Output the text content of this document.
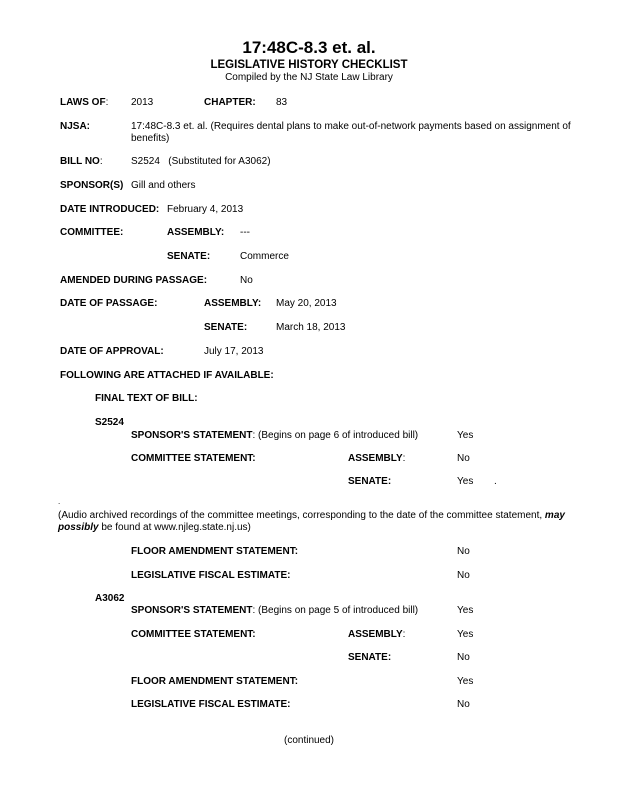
17:48C-8.3 et. al.
LEGISLATIVE HISTORY CHECKLIST
Compiled by the NJ State Law Library
LAWS OF: 2013	CHAPTER: 83
NJSA:	17:48C-8.3 et. al. (Requires dental plans to make out-of-network payments based on assignment of benefits)
BILL NO:	S2524   (Substituted for A3062)
SPONSOR(S) Gill and others
DATE INTRODUCED: February 4, 2013
COMMITTEE:	ASSEMBLY: ---
SENATE:	Commerce
AMENDED DURING PASSAGE:	No
DATE OF PASSAGE:	ASSEMBLY: May 20, 2013
SENATE:	March 18, 2013
DATE OF APPROVAL:	July 17, 2013
FOLLOWING ARE ATTACHED IF AVAILABLE:
FINAL TEXT OF BILL:
S2524
SPONSOR'S STATEMENT: (Begins on page 6 of introduced bill)	Yes
COMMITTEE STATEMENT:	ASSEMBLY:	No
SENATE:	Yes .
.
(Audio archived recordings of the committee meetings, corresponding to the date of the committee statement, may possibly be found at www.njleg.state.nj.us)
FLOOR AMENDMENT STATEMENT:	No
LEGISLATIVE FISCAL ESTIMATE:	No
A3062
SPONSOR'S STATEMENT: (Begins on page 5 of introduced bill)	Yes
COMMITTEE STATEMENT:	ASSEMBLY:	Yes
SENATE:	No
FLOOR AMENDMENT STATEMENT:	Yes
LEGISLATIVE FISCAL ESTIMATE:	No
(continued)
